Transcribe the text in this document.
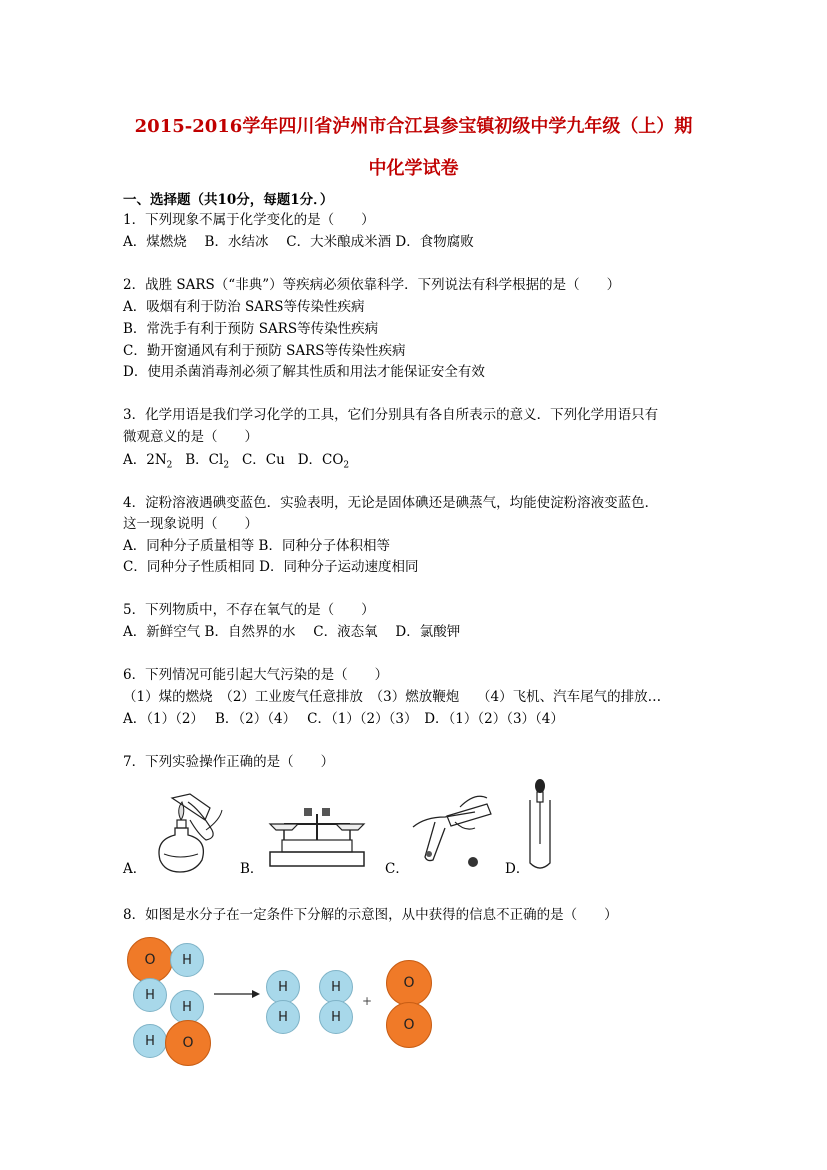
2015-2016学年四川省泸州市合江县参宝镇初级中学九年级（上）期
中化学试卷
一、选择题（共10分，每题1分．）
1．下列现象不属于化学变化的是（　　）
A．煤燃烧　 B．水结冰　 C．大米酿成米酒 D．食物腐败
2．战胜 SARS（“非典”）等疾病必须依靠科学．下列说法有科学根据的是（　　）
A．吸烟有利于防治 SARS等传染性疾病
B．常洗手有利于预防 SARS等传染性疾病
C．勤开窗通风有利于预防 SARS等传染性疾病
D．使用杀菌消毒剂必须了解其性质和用法才能保证安全有效
3．化学用语是我们学习化学的工具，它们分别具有各自所表示的意义．下列化学用语只有
微观意义的是（　　）
A．$2N_2$ B．$Cl_2$ C．Cu D．$CO_2$
4．淀粉溶液遇碘变蓝色．实验表明，无论是固体碘还是碘蒸气，均能使淀粉溶液变蓝色．
这一现象说明（　　）
A．同种分子质量相等 B．同种分子体积相等
C．同种分子性质相同 D．同种分子运动速度相同
5．下列物质中，不存在氧气的是（　　）
A．新鲜空气 B．自然界的水　 C．液态氧　 D．氯酸钾
6．下列情况可能引起大气污染的是（　　）
（1）煤的燃烧　（2）工业废气任意排放　（3）燃放鞭炮　 （4）飞机、汽车尾气的排放…
A．（1）（2）　 B．（2）（4）　 C．（1）（2）（3）　D．（1）（2）（3）（4）
7．下列实验操作正确的是（　　）
A．	B．	C．	D．
8．如图是水分子在一定条件下分解的示意图，从中获得的信息不正确的是（　　）
O	H
H
H
H	O
→	H
H
H
H
+
O
O
